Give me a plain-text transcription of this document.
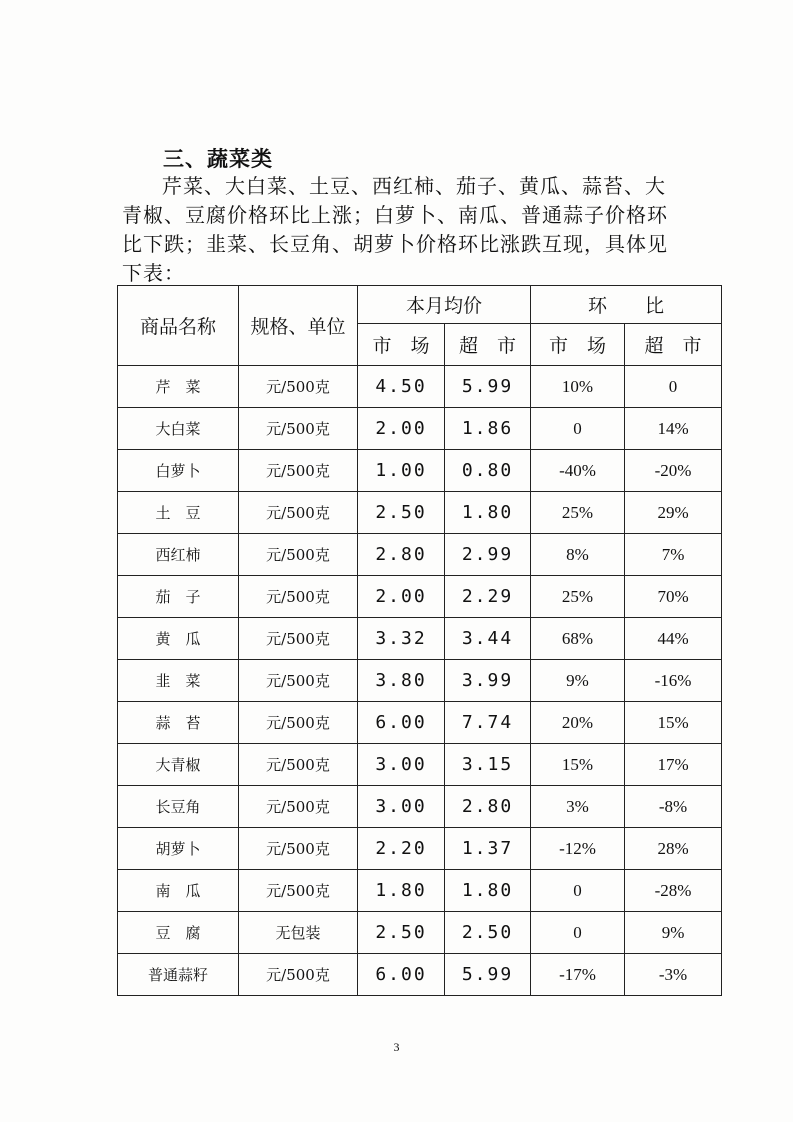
三、蔬菜类

芹菜、大白菜、土豆、西红柿、茄子、黄瓜、蒜苔、大青椒、豆腐价格环比上涨；白萝卜、南瓜、普通蒜子价格环比下跌；韭菜、长豆角、胡萝卜价格环比涨跌互现，具体见下表：

商品名称	规格、单位	本月均价		环　　比	
		市　场	超　市	市　场	超　市
芹　菜	元/500克	4.50	5.99	10%	0
大白菜	元/500克	2.00	1.86	0	14%
白萝卜	元/500克	1.00	0.80	-40%	-20%
土　豆	元/500克	2.50	1.80	25%	29%
西红柿	元/500克	2.80	2.99	8%	7%
茄　子	元/500克	2.00	2.29	25%	70%
黄　瓜	元/500克	3.32	3.44	68%	44%
韭　菜	元/500克	3.80	3.99	9%	-16%
蒜　苔	元/500克	6.00	7.74	20%	15%
大青椒	元/500克	3.00	3.15	15%	17%
长豆角	元/500克	3.00	2.80	3%	-8%
胡萝卜	元/500克	2.20	1.37	-12%	28%
南　瓜	元/500克	1.80	1.80	0	-28%
豆　腐	无包装	2.50	2.50	0	9%
普通蒜籽	元/500克	6.00	5.99	-17%	-3%
3
